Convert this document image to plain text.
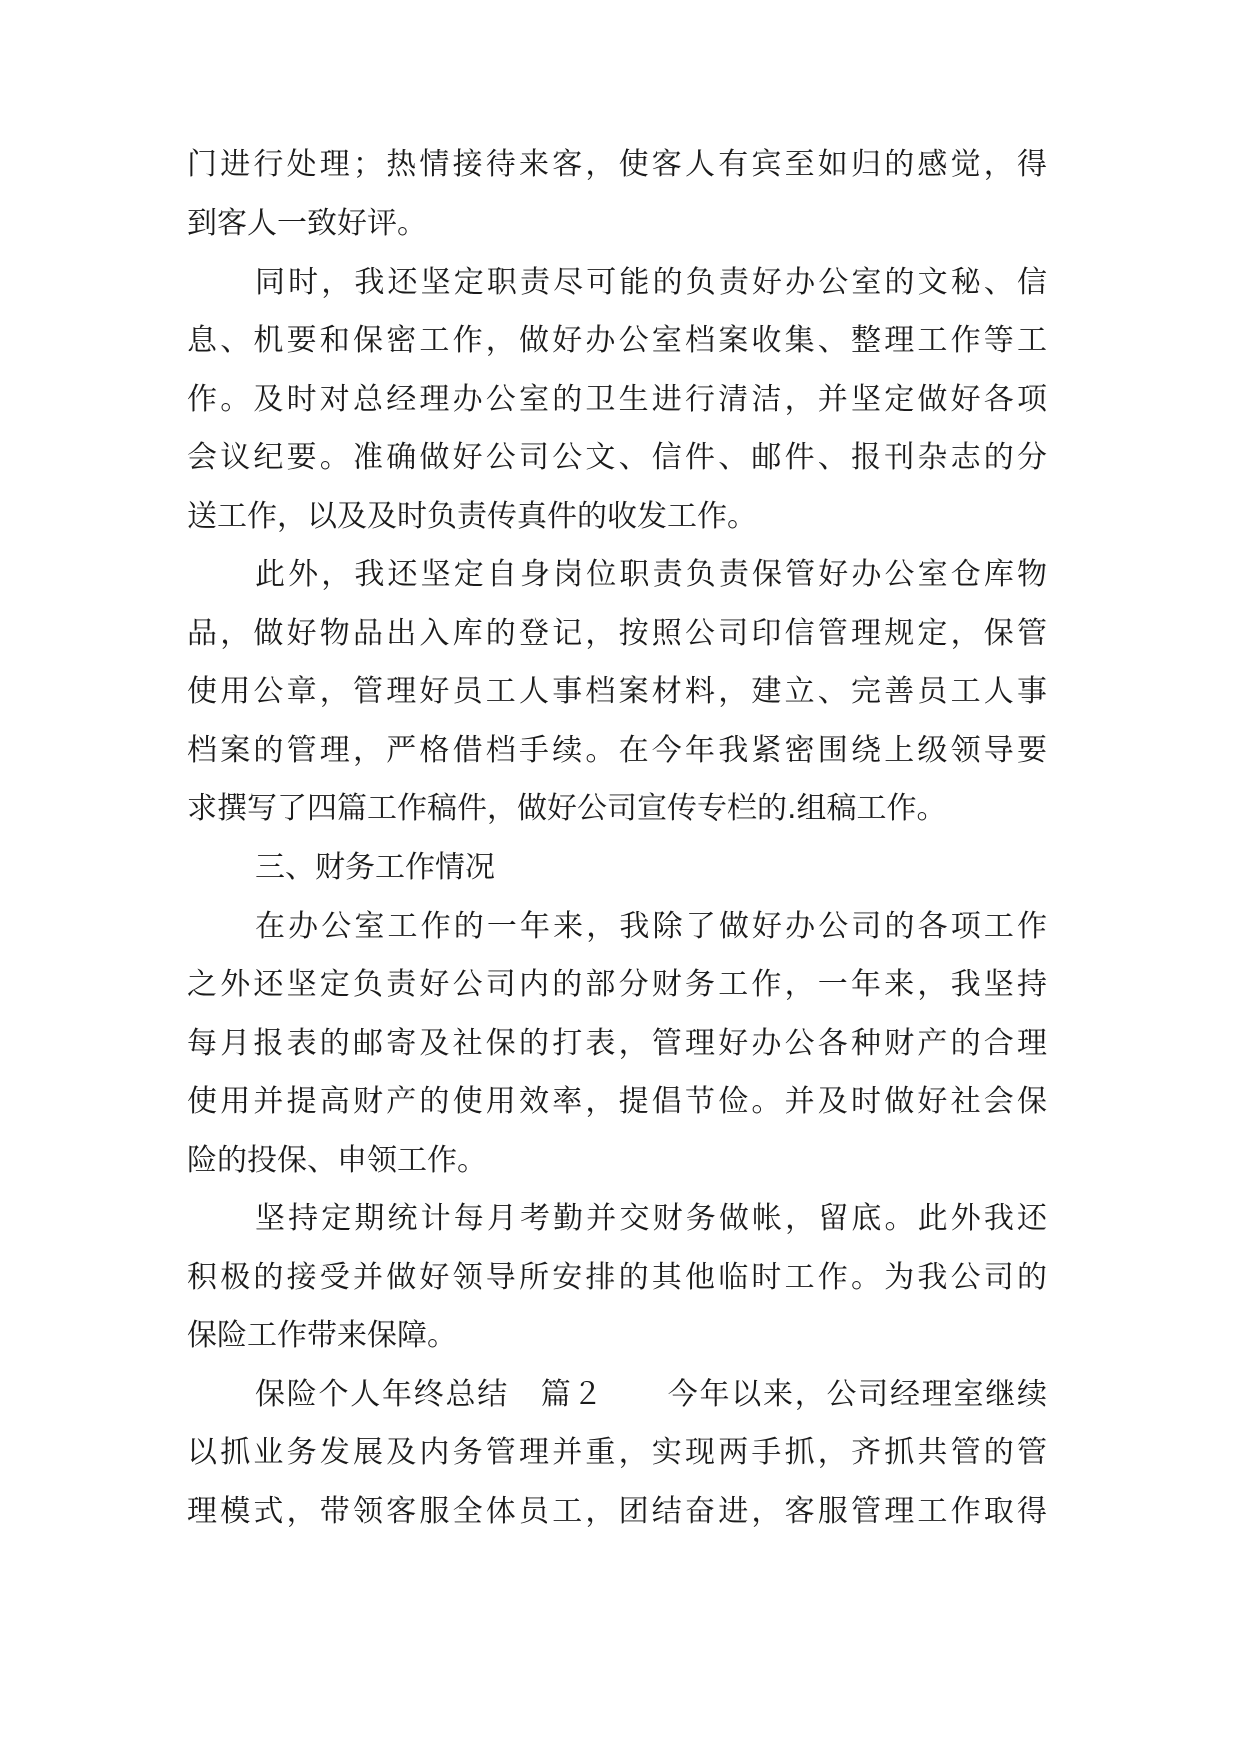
门进行处理；热情接待来客，使客人有宾至如归的感觉，得
到客人一致好评。
同时，我还坚定职责尽可能的负责好办公室的文秘、信
息、机要和保密工作，做好办公室档案收集、整理工作等工
作。及时对总经理办公室的卫生进行清洁，并坚定做好各项
会议纪要。准确做好公司公文、信件、邮件、报刊杂志的分
送工作，以及及时负责传真件的收发工作。
此外，我还坚定自身岗位职责负责保管好办公室仓库物
品，做好物品出入库的登记，按照公司印信管理规定，保管
使用公章，管理好员工人事档案材料，建立、完善员工人事
档案的管理，严格借档手续。在今年我紧密围绕上级领导要
求撰写了四篇工作稿件，做好公司宣传专栏的.组稿工作。
三、财务工作情况
在办公室工作的一年来，我除了做好办公司的各项工作
之外还坚定负责好公司内的部分财务工作，一年来，我坚持
每月报表的邮寄及社保的打表，管理好办公各种财产的合理
使用并提高财产的使用效率，提倡节俭。并及时做好社会保
险的投保、申领工作。
坚持定期统计每月考勤并交财务做帐，留底。此外我还
积极的接受并做好领导所安排的其他临时工作。为我公司的
保险工作带来保障。
保险个人年终总结　篇２　　今年以来，公司经理室继续
以抓业务发展及内务管理并重，实现两手抓，齐抓共管的管
理模式，带领客服全体员工，团结奋进，客服管理工作取得
